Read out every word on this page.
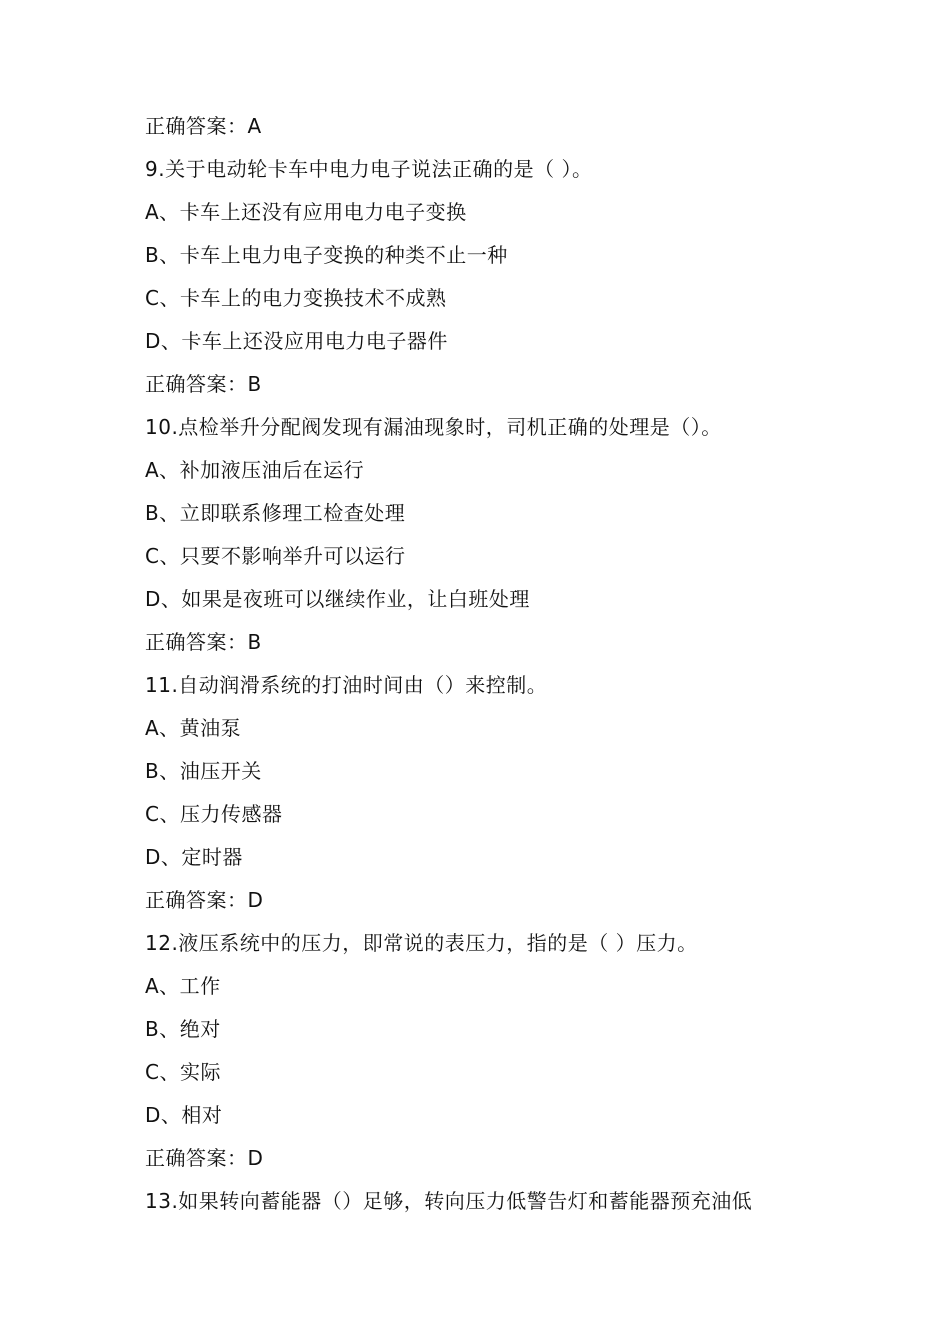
正确答案：A
9.关于电动轮卡车中电力电子说法正确的是（ ）。
A、卡车上还没有应用电力电子变换
B、卡车上电力电子变换的种类不止一种
C、卡车上的电力变换技术不成熟
D、卡车上还没应用电力电子器件
正确答案：B
10.点检举升分配阀发现有漏油现象时，司机正确的处理是（）。
A、补加液压油后在运行
B、立即联系修理工检查处理
C、只要不影响举升可以运行
D、如果是夜班可以继续作业，让白班处理
正确答案：B
11.自动润滑系统的打油时间由（）来控制。
A、黄油泵
B、油压开关
C、压力传感器
D、定时器
正确答案：D
12.液压系统中的压力，即常说的表压力，指的是（ ）压力。
A、工作
B、绝对
C、实际
D、相对
正确答案：D
13.如果转向蓄能器（）足够，转向压力低警告灯和蓄能器预充油低
